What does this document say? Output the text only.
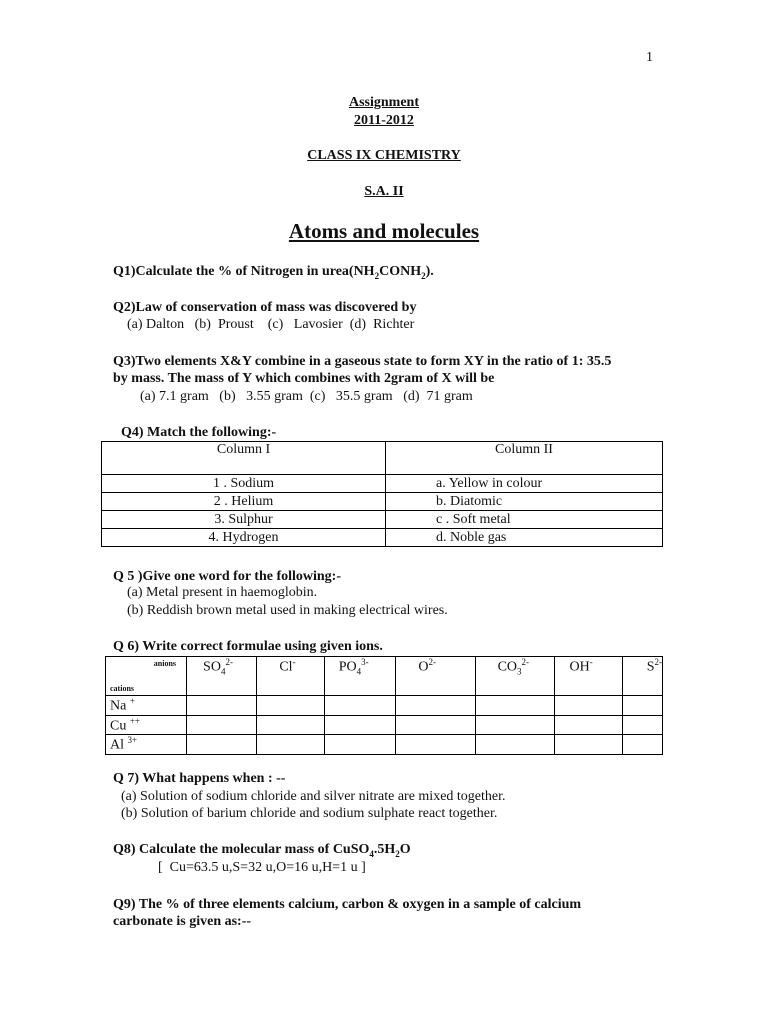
1
Assignment
2011-2012
CLASS IX CHEMISTRY
S.A. II
Atoms and molecules
Q1)Calculate the % of Nitrogen in $urea(NH_2CONH_2)$.
Q2)Law of conservation of mass was discovered by
(a) Dalton   (b)  Proust    (c)   Lavosier  (d)  Richter
Q3)Two elements X&Y combine in a gaseous state to form XY in the ratio of 1: 35.5
by mass. The mass of Y which combines with 2gram of X will be
(a) 7.1 gram   (b)   3.55 gram  (c)   35.5 gram   (d)  71 gram
Q4) Match the following:-
Column I	Column II
1 . Sodium	a. Yellow in colour
2 . Helium	b. Diatomic
3. Sulphur	c . Soft metal
4. Hydrogen	d. Noble gas
Q 5 )Give one word for the following:-
(a) Metal present in haemoglobin.
(b) Reddish brown metal used in making electrical wires.
Q 6) Write correct formulae using given ions.
anions
cations	$SO_4^{2-}$	Cl-	$PO_4^{3-}$	$O^{2-}$	$CO_3^{2-}$	OH-	$S^{2-}$
Na +							
Cu ++							
Al $^{3+}$							
Q 7) What happens when : --
(a) Solution of sodium chloride and silver nitrate are mixed together.
(b) Solution of barium chloride and sodium sulphate react together.
Q8) Calculate the molecular mass of $CuSO_4.5H_2O$
[  Cu=63.5 u,S=32 u,O=16 u,H=1 u ]
Q9) The % of three elements calcium, carbon & oxygen in a sample of calcium
carbonate is given as:--
